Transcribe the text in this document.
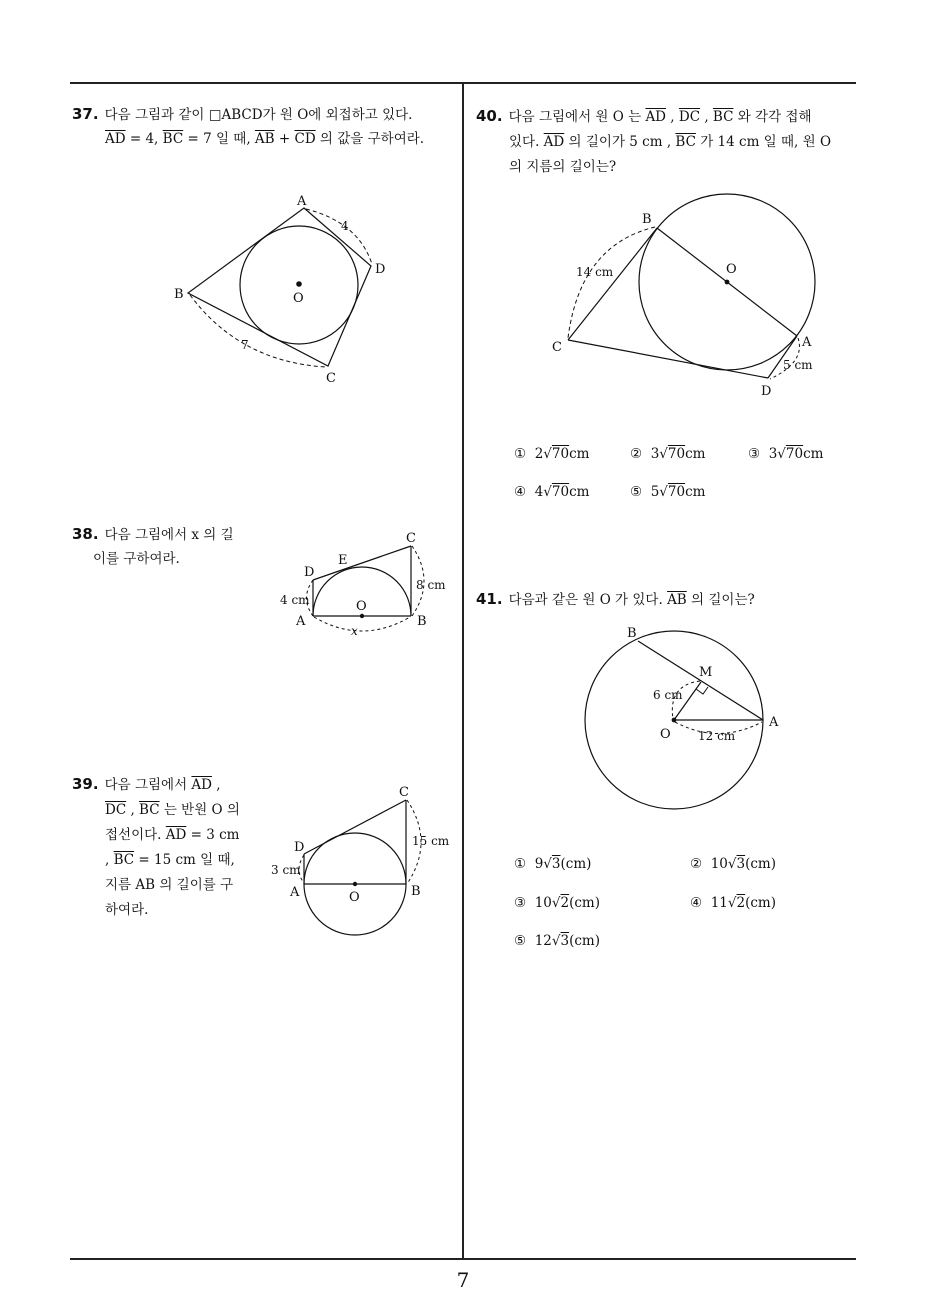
37. 다음 그림과 같이 □ABCD가 원 O에 외접하고 있다.
$\overline{AD} = 4$, $\overline{BC} = 7$ 일 때, $\overline{AB} + \overline{CD}$ 의 값을 구하여라.
A
B
C
D
O
4
7
38. 다음 그림에서 x 의 길
이를 구하여라.
A	B
C
D
E
O
4 cm
8 cm
x
39. 다음 그림에서 $\overline{AD}$ ,
$\overline{DC}$ , $\overline{BC}$ 는 반원 O 의
접선이다. $\overline{AD} = 3$ cm
, $\overline{BC} = 15$ cm 일 때,
지름 AB 의 길이를 구
하여라.
A	B
C
D
O
3 cm
15 cm
40. 다음 그림에서 원 O 는 $\overline{AD}$ , $\overline{DC}$ , $\overline{BC}$ 와 각각 접해
있다. $\overline{AD}$ 의 길이가 5 cm , $\overline{BC}$ 가 14 cm 일 때, 원 O
의 지름의 길이는?
A
B
C
D
O
14 cm
5 cm
① 2√70cm	② 3√70cm	③ 3√70cm
④ 4√70cm	⑤ 5√70cm
41. 다음과 같은 원 O 가 있다. $\overline{AB}$ 의 길이는?
A
B
M
O
6 cm
12 cm
① 9√3(cm)	② 10√3(cm)
③ 10√2(cm)	④ 11√2(cm)
⑤ 12√3(cm)
7
